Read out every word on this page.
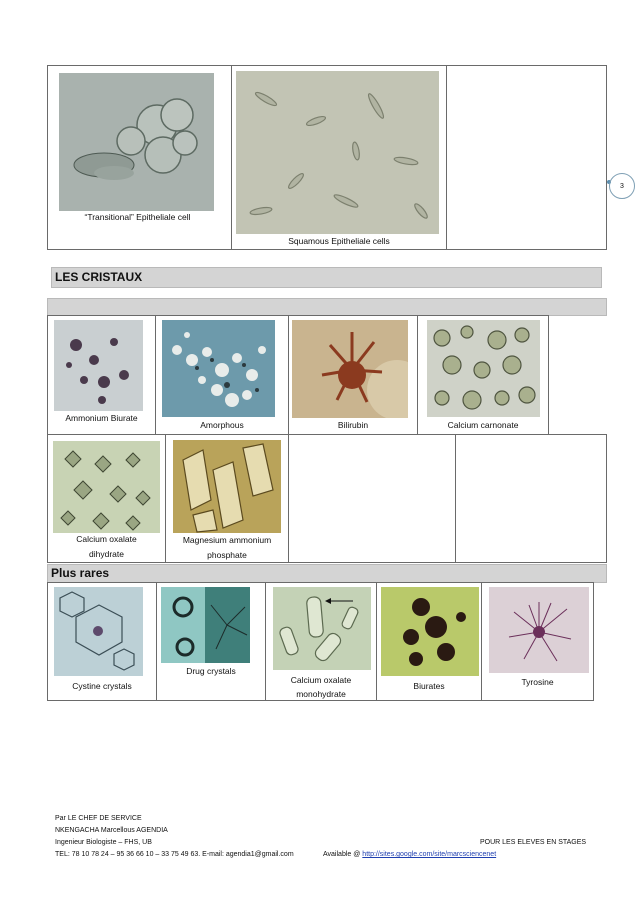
“Transitional” Epitheliale cell
Squamous Epitheliale cells
3
LES CRISTAUX
Ammonium Biurate
Amorphous	Bilirubin	Calcium carnonate
Calcium oxalate
dihydrate
Magnesium ammonium
phosphate
Plus rares
Cystine crystals
Drug crystals
Calcium oxalate
monohydrate
Biurates	Tyrosine
Par LE CHEF DE SERVICE
NKENGACHA Marcellous AGENDIA
Ingenieur Biologiste – FHS, UB	POUR LES ELEVES EN STAGES
TEL: 78 10 78 24 – 95 36 66 10 – 33 75 49 63. E-mail: agendia1@gmail.com	Available @ http://sites.google.com/site/marcsciencenet
